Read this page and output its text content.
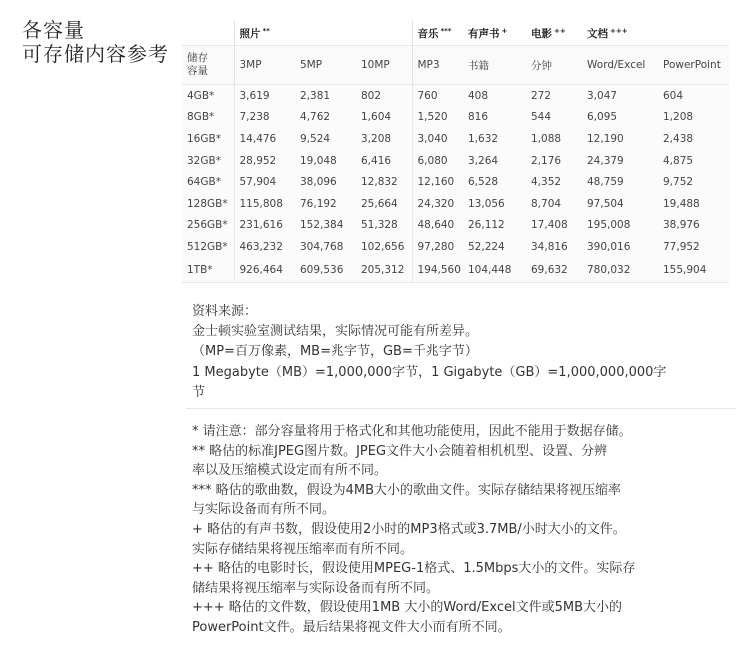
各容量
可存储内容参考
	照片 **			音乐 ***	有声书 +	电影 ++	文档 +++

储存
容量	3MP	5MP	10MP	MP3	书籍	分钟	Word/Excel	PowerPoint
4GB*	3,619	2,381	802	760	408	272	3,047	604
8GB*	7,238	4,762	1,604	1,520	816	544	6,095	1,208
16GB*	14,476	9,524	3,208	3,040	1,632	1,088	12,190	2,438
32GB*	28,952	19,048	6,416	6,080	3,264	2,176	24,379	4,875
64GB*	57,904	38,096	12,832	12,160	6,528	4,352	48,759	9,752
128GB*	115,808	76,192	25,664	24,320	13,056	8,704	97,504	19,488
256GB*	231,616	152,384	51,328	48,640	26,112	17,408	195,008	38,976
512GB*	463,232	304,768	102,656	97,280	52,224	34,816	390,016	77,952
1TB*	926,464	609,536	205,312	194,560	104,448	69,632	780,032	155,904
资料来源：
金士顿实验室测试结果，实际情况可能有所差异。
（MP=百万像素，MB=兆字节，GB=千兆字节）
1 Megabyte（MB）=1,000,000字节，1 Gigabyte（GB）=1,000,000,000字
节
* 请注意：部分容量将用于格式化和其他功能使用，因此不能用于数据存储。
** 略估的标准JPEG图片数。JPEG文件大小会随着相机机型、设置、分辨
率以及压缩模式设定而有所不同。
*** 略估的歌曲数，假设为4MB大小的歌曲文件。实际存储结果将视压缩率
与实际设备而有所不同。
+ 略估的有声书数，假设使用2小时的MP3格式或3.7MB/小时大小的文件。
实际存储结果将视压缩率而有所不同。
++ 略估的电影时长，假设使用MPEG-1格式、1.5Mbps大小的文件。实际存
储结果将视压缩率与实际设备而有所不同。
+++ 略估的文件数，假设使用1MB 大小的Word/Excel文件或5MB大小的
PowerPoint文件。最后结果将视文件大小而有所不同。
